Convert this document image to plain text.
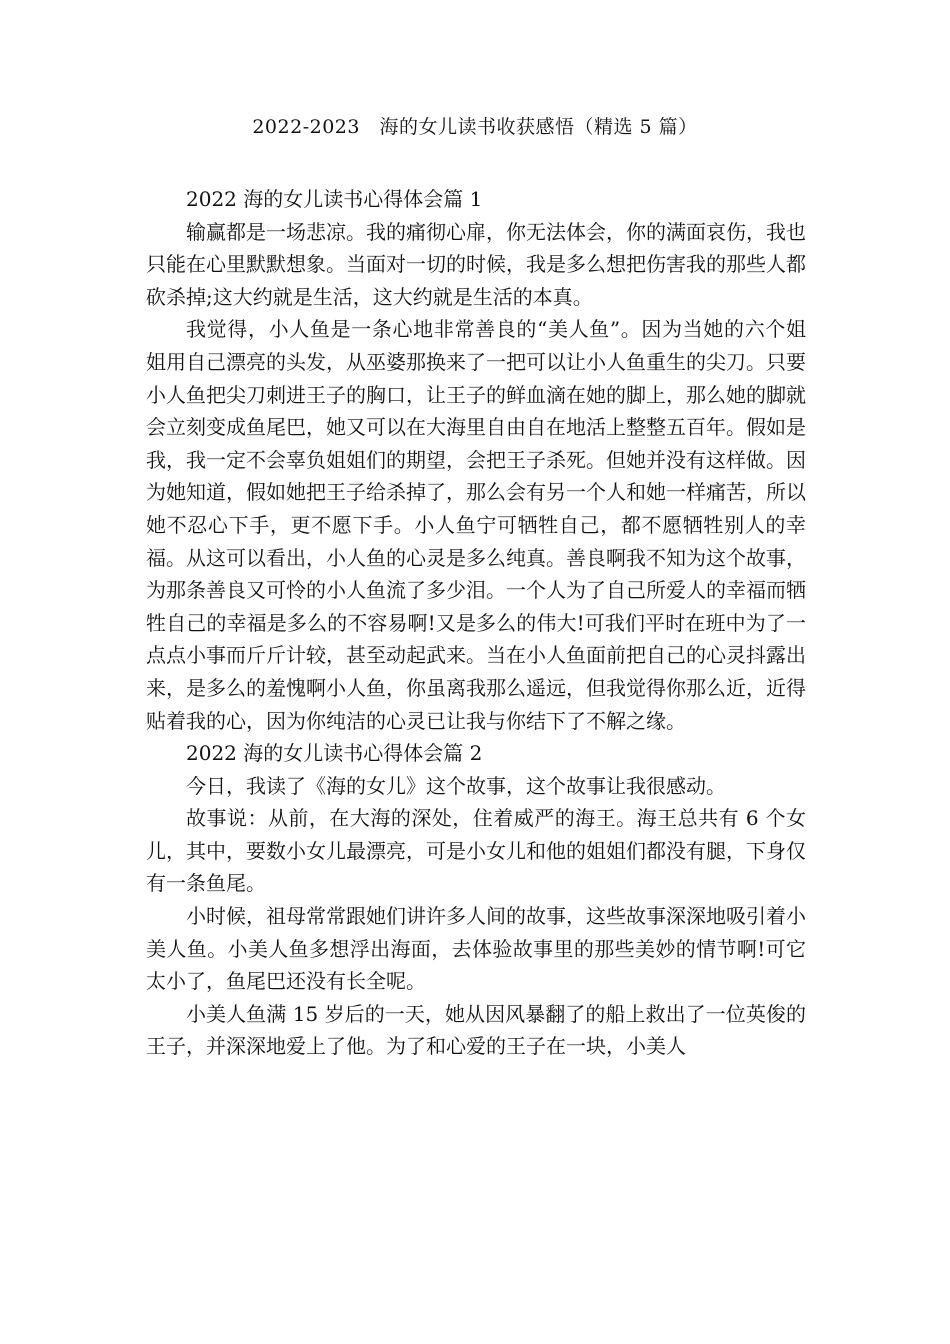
2022-2023　海的女儿读书收获感悟（精选 5 篇）

2022 海的女儿读书心得体会篇 1

输赢都是一场悲凉。我的痛彻心扉，你无法体会，你的满面哀伤，我也只能在心里默默想象。当面对一切的时候，我是多么想把伤害我的那些人都砍杀掉;这大约就是生活，这大约就是生活的本真。

我觉得，小人鱼是一条心地非常善良的“美人鱼”。因为当她的六个姐姐用自己漂亮的头发，从巫婆那换来了一把可以让小人鱼重生的尖刀。只要小人鱼把尖刀刺进王子的胸口，让王子的鲜血滴在她的脚上，那么她的脚就会立刻变成鱼尾巴，她又可以在大海里自由自在地活上整整五百年。假如是我，我一定不会辜负姐姐们的期望，会把王子杀死。但她并没有这样做。因为她知道，假如她把王子给杀掉了，那么会有另一个人和她一样痛苦，所以她不忍心下手，更不愿下手。小人鱼宁可牺牲自己，都不愿牺牲别人的幸福。从这可以看出，小人鱼的心灵是多么纯真。善良啊我不知为这个故事，为那条善良又可怜的小人鱼流了多少泪。一个人为了自己所爱人的幸福而牺牲自己的幸福是多么的不容易啊!又是多么的伟大!可我们平时在班中为了一点点小事而斤斤计较，甚至动起武来。当在小人鱼面前把自己的心灵抖露出来，是多么的羞愧啊小人鱼，你虽离我那么遥远，但我觉得你那么近，近得贴着我的心，因为你纯洁的心灵已让我与你结下了不解之缘。

2022 海的女儿读书心得体会篇 2

今日，我读了《海的女儿》这个故事，这个故事让我很感动。

故事说：从前，在大海的深处，住着威严的海王。海王总共有 6 个女儿，其中，要数小女儿最漂亮，可是小女儿和他的姐姐们都没有腿，下身仅有一条鱼尾。

小时候，祖母常常跟她们讲许多人间的故事，这些故事深深地吸引着小美人鱼。小美人鱼多想浮出海面，去体验故事里的那些美妙的情节啊!可它太小了，鱼尾巴还没有长全呢。

小美人鱼满 15 岁后的一天，她从因风暴翻了的船上救出了一位英俊的王子，并深深地爱上了他。为了和心爱的王子在一块，小美人
